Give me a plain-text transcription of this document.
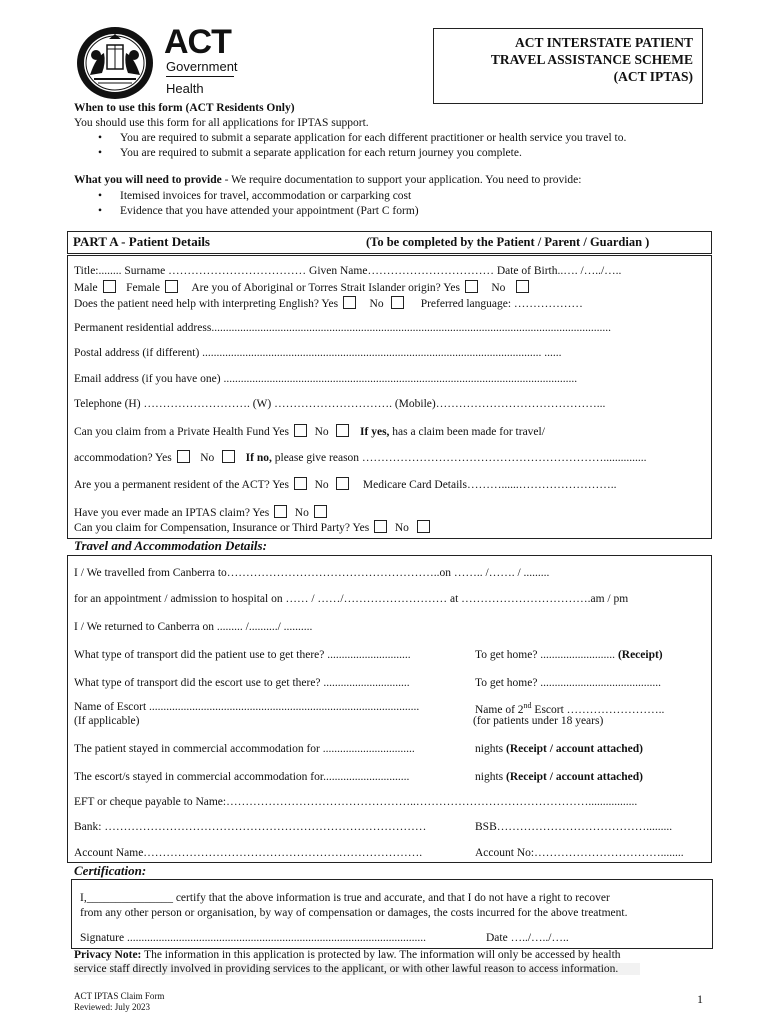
ACT
Government
Health
ACT INTERSTATE PATIENT
TRAVEL ASSISTANCE SCHEME
(ACT IPTAS)
When to use this form (ACT Residents Only)
You should use this form for all applications for IPTAS support.
• You are required to submit a separate application for each different practitioner or health service you travel to.
• You are required to submit a separate application for each return journey you complete.
What you will need to provide - We require documentation to support your application. You need to provide:
• Itemised invoices for travel, accommodation or carparking cost
• Evidence that you have attended your appointment (Part C form)
PART A - Patient Details	(To be completed by the Patient / Parent / Guardian )
Title:........ Surname ……………………………… Given Name…………………………… Date of Birth..…. /…../…..
Male Female	Are you of Aboriginal or Torres Strait Islander origin? Yes	No
Does the patient need help with interpreting English? Yes	No	Preferred language: ………………
Permanent residential address...........................................................................................................................................
Postal address (if different) ...................................................................................................................... ......
Email address (if you have one) ...........................................................................................................................
Telephone (H) ………………………. (W) …………………………. (Mobile)……………………………………...
Can you claim from a Private Health Fund Yes No	If yes, has a claim been made for travel/
accommodation? Yes No	If no, please give reason ………………………………………………………...............
Are you a permanent resident of the ACT? Yes No	Medicare Card Details………......……………………..
Have you ever made an IPTAS claim? Yes No
Can you claim for Compensation, Insurance or Third Party? Yes No
Travel and Accommodation Details:
I / We travelled from Canberra to………………………………………………..on …….. /……. / .........
for an appointment / admission to hospital on …… / ……/……………………… at …………………………….am / pm
I / We returned to Canberra on ......... /........../ ..........
What type of transport did the patient use to get there? .............................	To get home? .......................... (Receipt)
What type of transport did the escort use to get there? ..............................	To get home? ..........................................
Name of Escort ..............................................................................................
(If applicable)
Name of 2nd Escort ……………………..
(for patients under 18 years)
The patient stayed in commercial accommodation for ................................	nights (Receipt / account attached)
The escort/s stayed in commercial accommodation for..............................	nights (Receipt / account attached)
EFT or cheque payable to Name:…………………………………………..……………………………………….................
Bank: …………………………………………………………………………	BSB………………………………….........
Account Name……………………………………………………………….	Account No:……………………………........
Certification:
I,_______________ certify that the above information is true and accurate, and that I do not have a right to recover
from any other person or organisation, by way of compensation or damages, the costs incurred for the above treatment.
Signature ........................................................................................................	Date …../…../…..
Privacy Note: The information in this application is protected by law. The information will only be accessed by health
service staff directly involved in providing services to the applicant, or with other lawful reason to access information.
ACT IPTAS Claim Form
Reviewed: July 2023
1
